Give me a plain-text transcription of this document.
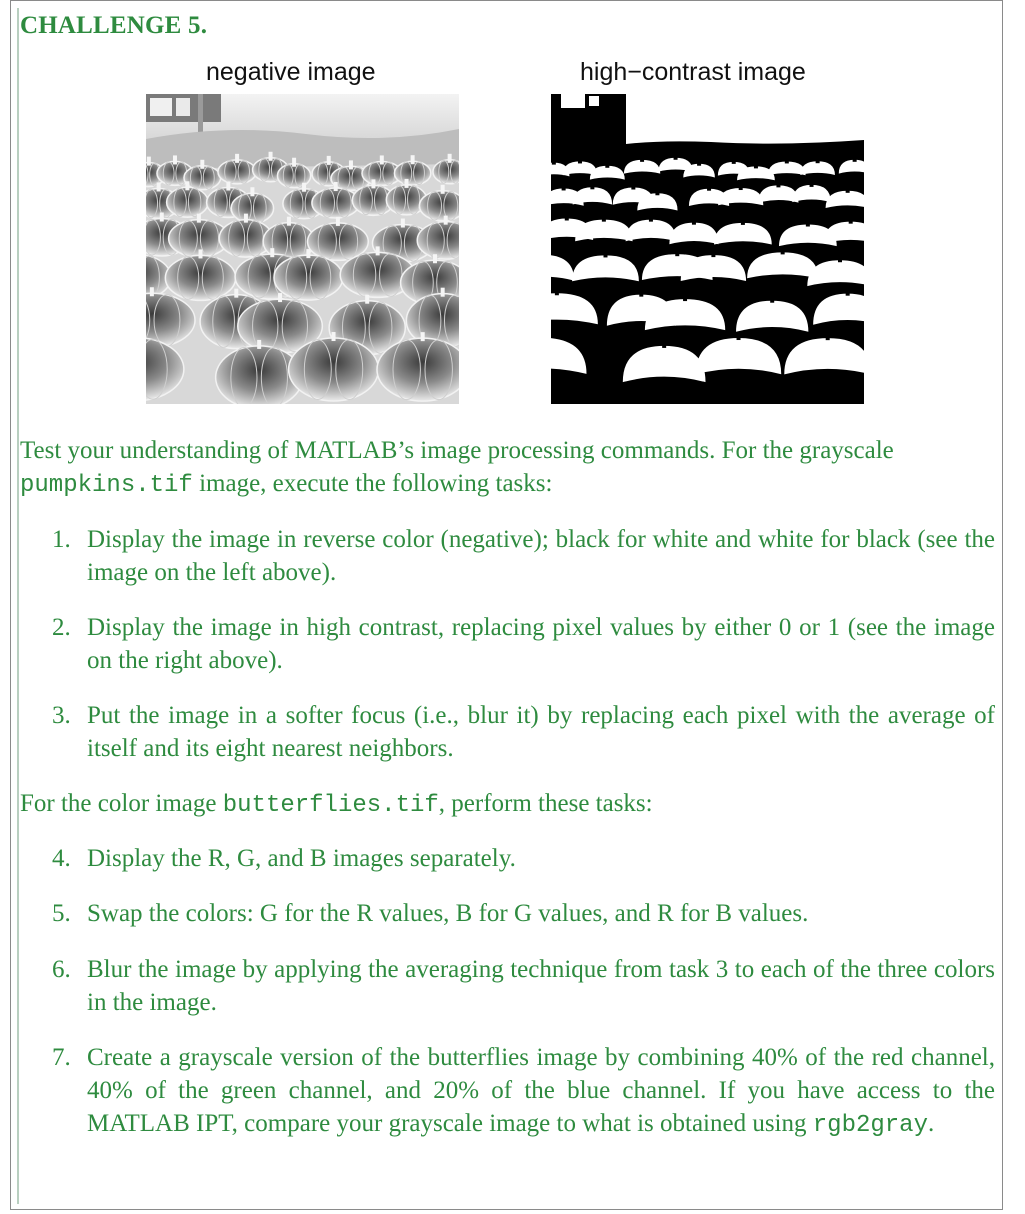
CHALLENGE 5.
negative image	high−contrast image
Test your understanding of MATLAB’s image processing commands. For the grayscale
pumpkins.tif image, execute the following tasks:
1. Display the image in reverse color (negative); black for white and white for black (see the image on the left above).
2. Display the image in high contrast, replacing pixel values by either 0 or 1 (see the image on the right above).
3. Put the image in a softer focus (i.e., blur it) by replacing each pixel with the average of itself and its eight nearest neighbors.
For the color image butterflies.tif, perform these tasks:
4. Display the R, G, and B images separately.
5. Swap the colors: G for the R values, B for G values, and R for B values.
6. Blur the image by applying the averaging technique from task 3 to each of the three colors in the image.
7. Create a grayscale version of the butterflies image by combining 40% of the red channel, 40% of the green channel, and 20% of the blue channel. If you have access to the MATLAB IPT, compare your grayscale image to what is obtained using rgb2gray.
